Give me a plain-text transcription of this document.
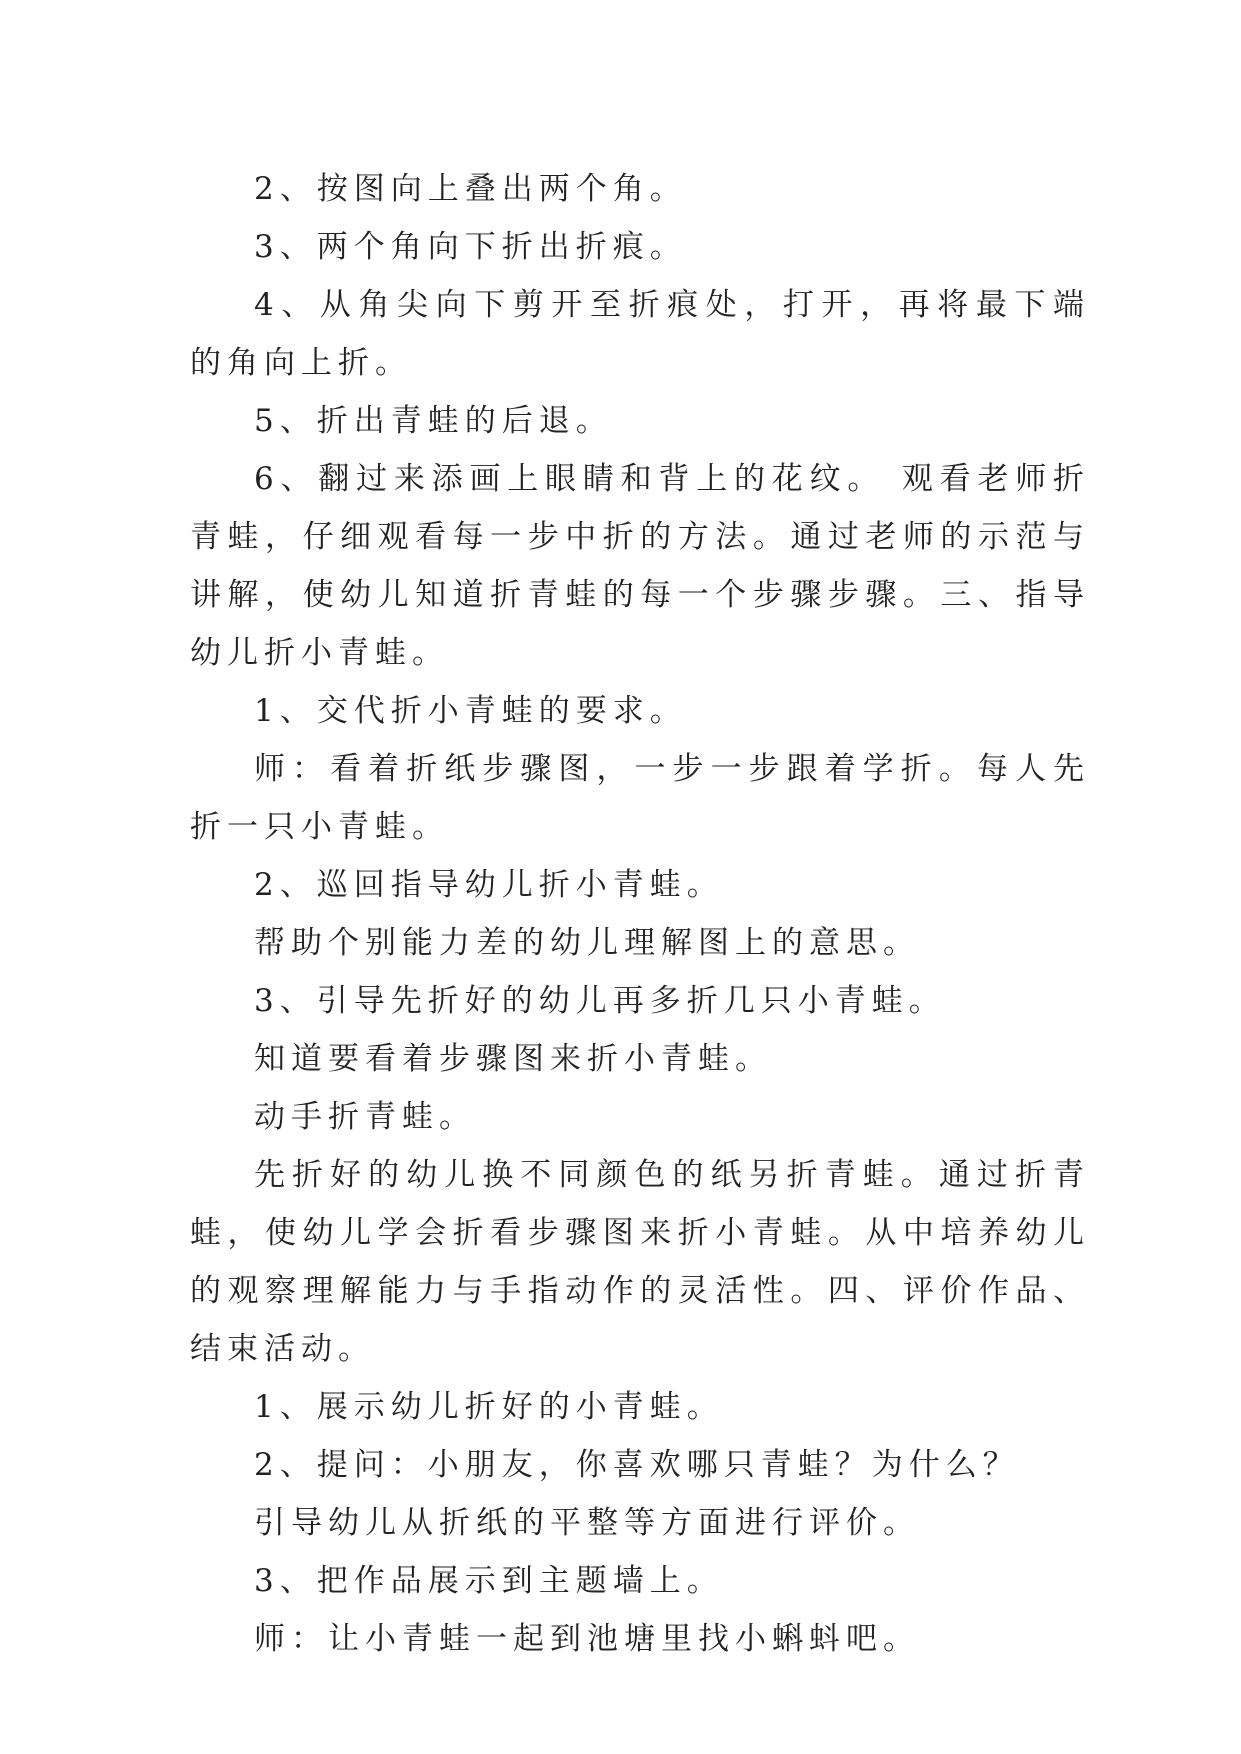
2、按图向上叠出两个角。

3、两个角向下折出折痕。

4、从角尖向下剪开至折痕处，打开，再将最下端的角向上折。

5、折出青蛙的后退。

6、翻过来添画上眼睛和背上的花纹。 观看老师折青蛙，仔细观看每一步中折的方法。通过老师的示范与讲解，使幼儿知道折青蛙的每一个步骤步骤。三、指导幼儿折小青蛙。

1、交代折小青蛙的要求。

师：看着折纸步骤图，一步一步跟着学折。每人先折一只小青蛙。

2、巡回指导幼儿折小青蛙。

帮助个别能力差的幼儿理解图上的意思。

3、引导先折好的幼儿再多折几只小青蛙。

知道要看着步骤图来折小青蛙。

动手折青蛙。

先折好的幼儿换不同颜色的纸另折青蛙。通过折青蛙，使幼儿学会折看步骤图来折小青蛙。从中培养幼儿的观察理解能力与手指动作的灵活性。四、评价作品、结束活动。

1、展示幼儿折好的小青蛙。

2、提问：小朋友，你喜欢哪只青蛙？为什么？

引导幼儿从折纸的平整等方面进行评价。

3、把作品展示到主题墙上。

师：让小青蛙一起到池塘里找小蝌蚪吧。
